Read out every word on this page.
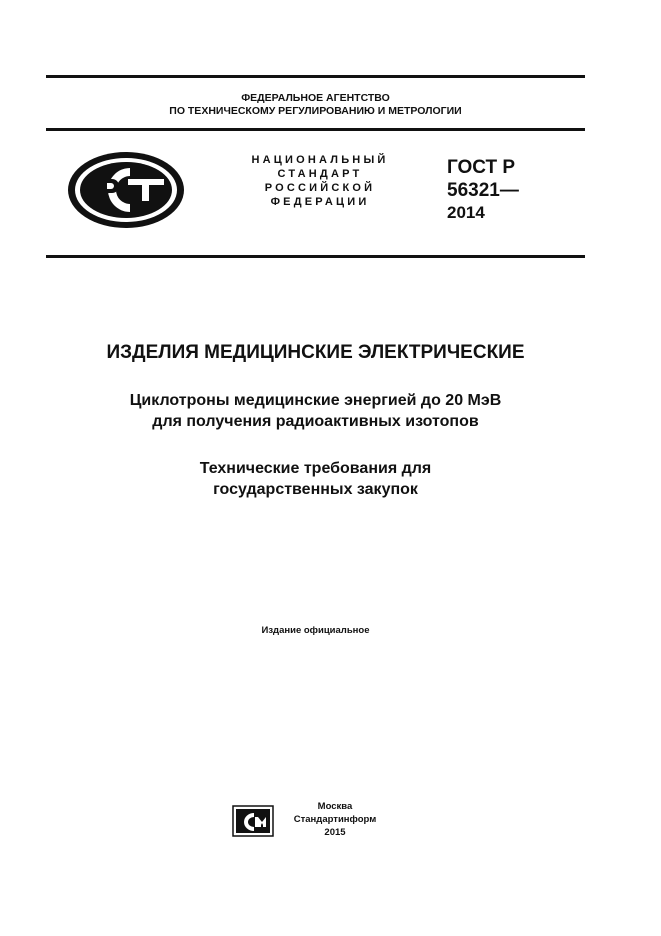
ФЕДЕРАЛЬНОЕ АГЕНТСТВО
ПО ТЕХНИЧЕСКОМУ РЕГУЛИРОВАНИЮ И МЕТРОЛОГИИ
НАЦИОНАЛЬНЫЙ
СТАНДАРТ
РОССИЙСКОЙ
ФЕДЕРАЦИИ
ГОСТ Р
56321—
2014
ИЗДЕЛИЯ МЕДИЦИНСКИЕ ЭЛЕКТРИЧЕСКИЕ
Циклотроны медицинские энергией до 20 МэВ
для получения радиоактивных изотопов
Технические требования для
государственных закупок
Издание официальное
Москва
Стандартинформ
2015
